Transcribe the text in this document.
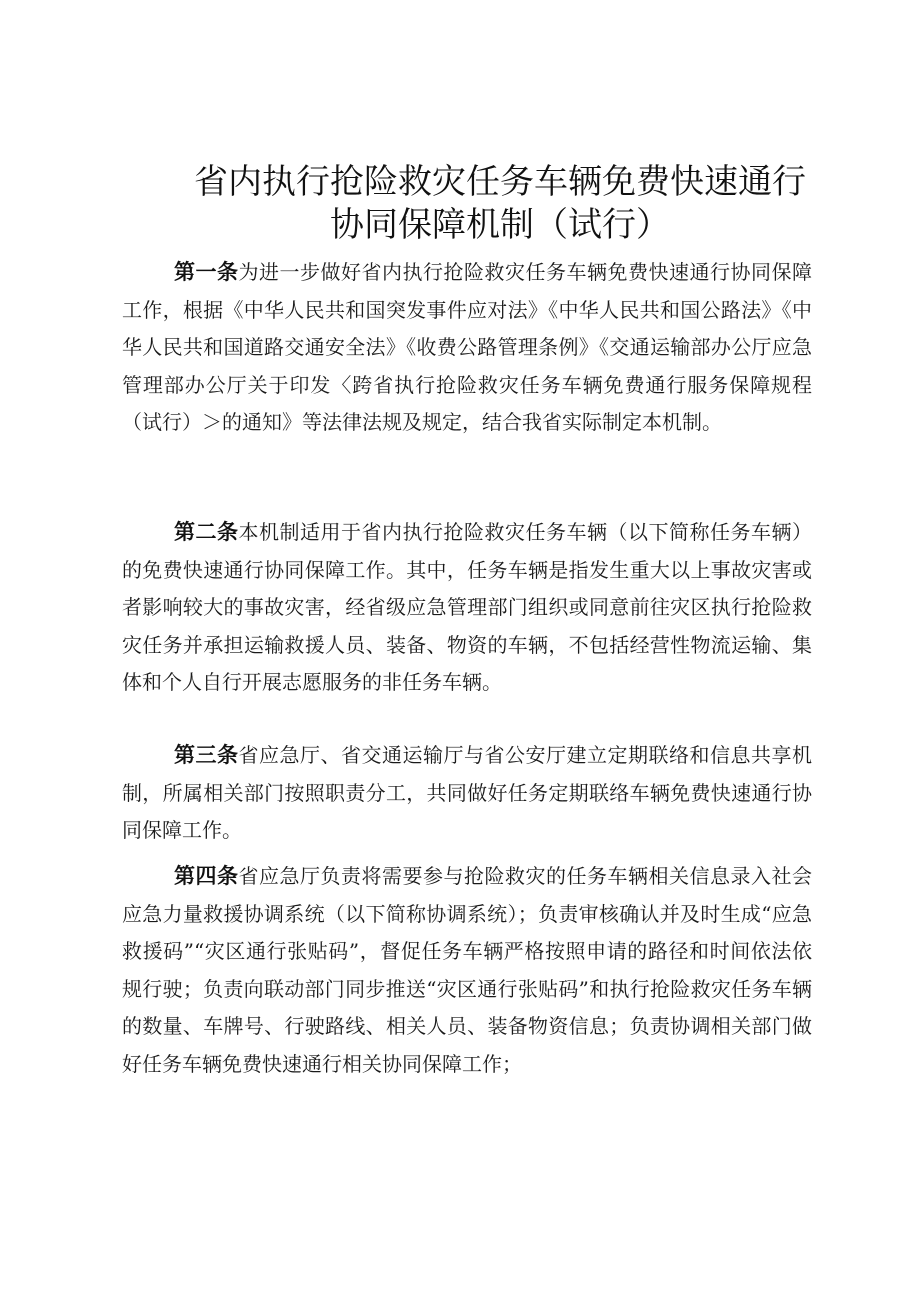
省内执行抢险救灾任务车辆免费快速通行
协同保障机制（试行）

第一条为进一步做好省内执行抢险救灾任务车辆免费快速通行协同保障工作，根据《中华人民共和国突发事件应对法》《中华人民共和国公路法》《中华人民共和国道路交通安全法》《收费公路管理条例》《交通运输部办公厅应急管理部办公厅关于印发〈跨省执行抢险救灾任务车辆免费通行服务保障规程（试行）＞的通知》等法律法规及规定，结合我省实际制定本机制。

第二条本机制适用于省内执行抢险救灾任务车辆（以下简称任务车辆）的免费快速通行协同保障工作。其中，任务车辆是指发生重大以上事故灾害或者影响较大的事故灾害，经省级应急管理部门组织或同意前往灾区执行抢险救灾任务并承担运输救援人员、装备、物资的车辆，不包括经营性物流运输、集体和个人自行开展志愿服务的非任务车辆。

第三条省应急厅、省交通运输厅与省公安厅建立定期联络和信息共享机制，所属相关部门按照职责分工，共同做好任务定期联络车辆免费快速通行协同保障工作。

第四条省应急厅负责将需要参与抢险救灾的任务车辆相关信息录入社会应急力量救援协调系统（以下简称协调系统）；负责审核确认并及时生成“应急救援码”“灾区通行张贴码”，督促任务车辆严格按照申请的路径和时间依法依规行驶；负责向联动部门同步推送“灾区通行张贴码”和执行抢险救灾任务车辆的数量、车牌号、行驶路线、相关人员、装备物资信息；负责协调相关部门做好任务车辆免费快速通行相关协同保障工作；
